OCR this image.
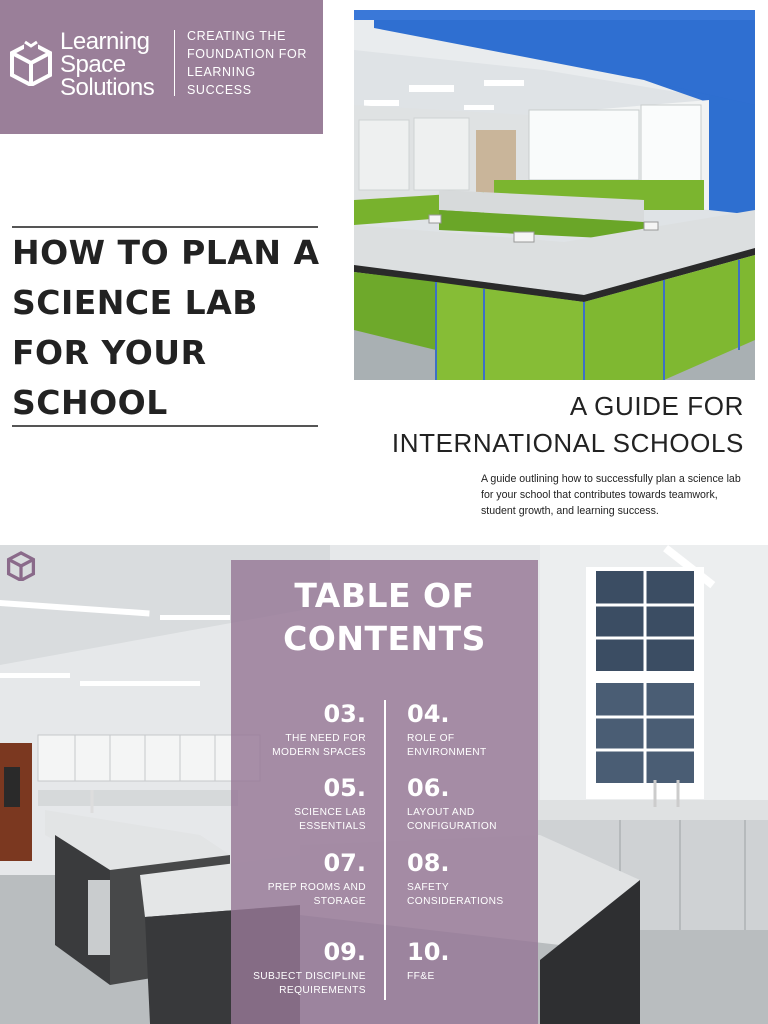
Learning
Space
Solutions
CREATING THE
FOUNDATION FOR
LEARNING
SUCCESS
HOW TO PLAN A
SCIENCE LAB
FOR YOUR
SCHOOL	A GUIDE FOR
INTERNATIONAL SCHOOLS

A guide outlining how to successfully plan a science lab for your school that contributes towards teamwork, student growth, and learning success.

TABLE OF
CONTENTS
03.
THE NEED FOR
MODERN SPACES
04.
ROLE OF
ENVIRONMENT
05.
SCIENCE LAB
ESSENTIALS
06.
LAYOUT AND
CONFIGURATION
07.
PREP ROOMS AND
STORAGE
08.
SAFETY
CONSIDERATIONS
09.
SUBJECT DISCIPLINE
REQUIREMENTS
10.
FF&E
